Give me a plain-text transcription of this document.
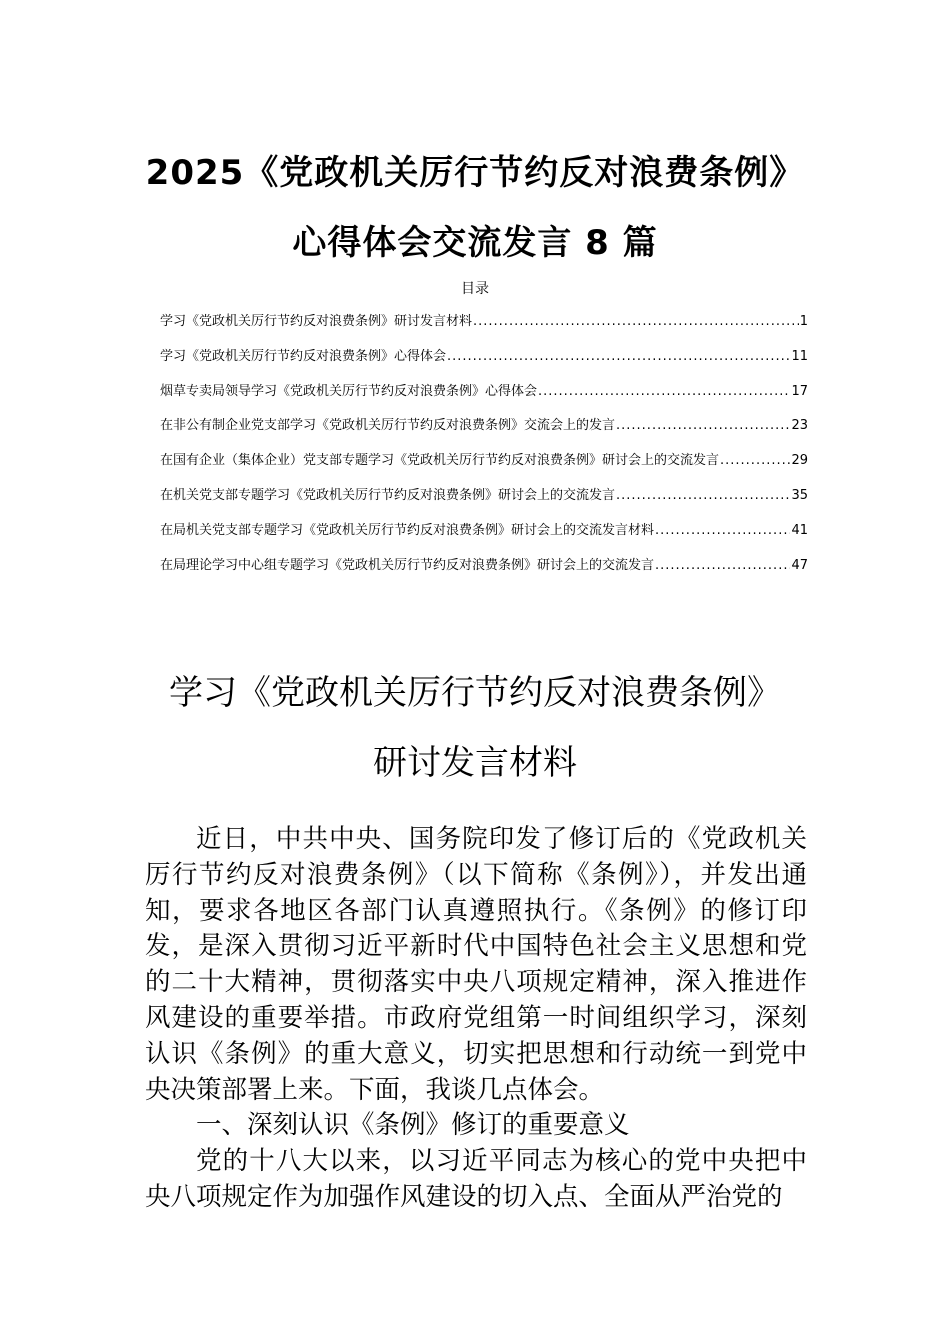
2025《党政机关厉行节约反对浪费条例》
心得体会交流发言 8 篇
目录
学习《党政机关厉行节约反对浪费条例》研讨发言材料 .....	1
学习《党政机关厉行节约反对浪费条例》心得体会 .....	11
烟草专卖局领导学习《党政机关厉行节约反对浪费条例》心得体会 .....	17
在非公有制企业党支部学习《党政机关厉行节约反对浪费条例》交流会上的发言 .....	23
在国有企业（集体企业）党支部专题学习《党政机关厉行节约反对浪费条例》研讨会上的交流发言 .....	29
在机关党支部专题学习《党政机关厉行节约反对浪费条例》研讨会上的交流发言 .....	35
在局机关党支部专题学习《党政机关厉行节约反对浪费条例》研讨会上的交流发言材料 .....	41
在局理论学习中心组专题学习《党政机关厉行节约反对浪费条例》研讨会上的交流发言 .....	47
学习《党政机关厉行节约反对浪费条例》
研讨发言材料

近日，中共中央、国务院印发了修订后的《党政机关厉行节约反对浪费条例》（以下简称《条例》），并发出通知，要求各地区各部门认真遵照执行。《条例》的修订印发，是深入贯彻习近平新时代中国特色社会主义思想和党的二十大精神，贯彻落实中央八项规定精神，深入推进作风建设的重要举措。市政府党组第一时间组织学习，深刻认识《条例》的重大意义，切实把思想和行动统一到党中央决策部署上来。下面，我谈几点体会。

一、深刻认识《条例》修订的重要意义

党的十八大以来，以习近平同志为核心的党中央把中央八项规定作为加强作风建设的切入点、全面从严治党的
